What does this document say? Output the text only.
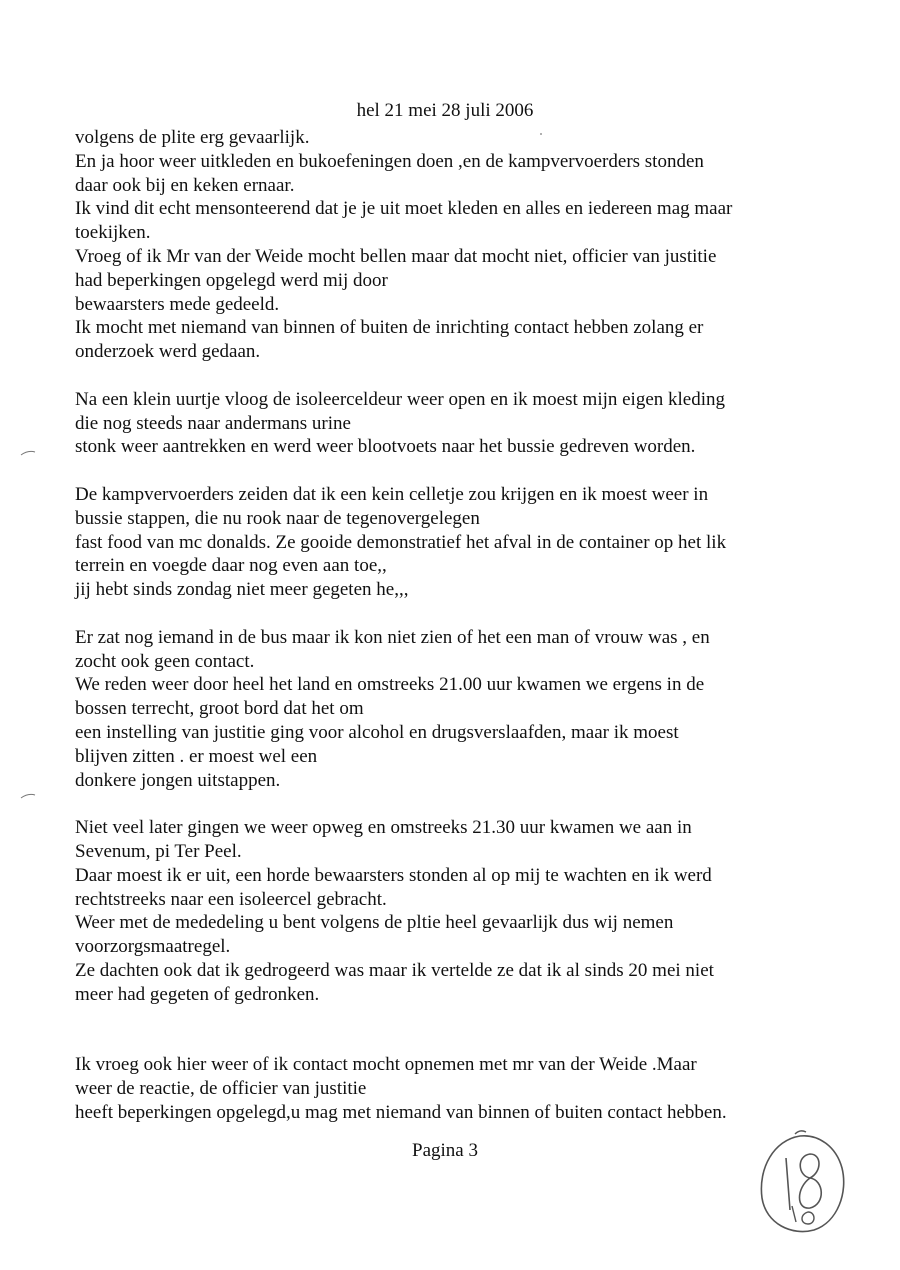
hel 21 mei 28 juli 2006

volgens de plite erg gevaarlijk.
En ja hoor weer uitkleden en bukoefeningen doen ,en de kampvervoerders stonden
daar ook bij en keken ernaar.
Ik vind dit echt mensonteerend dat je je uit moet kleden en alles en iedereen mag maar
toekijken.
Vroeg of ik Mr van der Weide mocht bellen maar dat mocht niet, officier van justitie
had beperkingen opgelegd werd mij door
bewaarsters mede gedeeld.
Ik mocht met niemand van binnen of buiten de inrichting contact hebben zolang er
onderzoek werd gedaan.

Na een klein uurtje vloog de isoleerceldeur weer open en ik moest mijn eigen kleding
die nog steeds naar andermans urine
stonk weer aantrekken en werd weer blootvoets naar het bussie gedreven worden.

De kampvervoerders zeiden dat ik een kein celletje zou krijgen en ik moest weer in
bussie stappen, die nu rook naar de tegenovergelegen
fast food van mc donalds. Ze gooide demonstratief het afval in de container op het lik
terrein en voegde daar nog even aan toe,,
jij hebt sinds zondag niet meer gegeten he,,,

Er zat nog iemand in de bus maar ik kon niet zien of het een man of vrouw was , en
zocht ook geen contact.
We reden weer door heel het land en omstreeks 21.00 uur kwamen we ergens in de
bossen terrecht, groot bord dat het om
een instelling van justitie ging voor alcohol en drugsverslaafden, maar ik moest
blijven zitten . er moest wel een
donkere jongen uitstappen.

Niet veel later gingen we weer opweg en omstreeks 21.30 uur kwamen we aan in
Sevenum, pi Ter Peel.
Daar moest ik er uit, een horde bewaarsters stonden al op mij te wachten en ik werd
rechtstreeks naar een isoleercel gebracht.
Weer met de mededeling u bent volgens de pltie heel gevaarlijk dus wij nemen
voorzorgsmaatregel.
Ze dachten ook dat ik gedrogeerd was maar ik vertelde ze dat ik al sinds 20 mei niet
meer had gegeten of gedronken.

Ik vroeg ook hier weer of ik contact mocht opnemen met mr van der Weide .Maar
weer de reactie, de officier van justitie
heeft beperkingen opgelegd,u mag met niemand van binnen of buiten contact hebben.

Pagina 3
